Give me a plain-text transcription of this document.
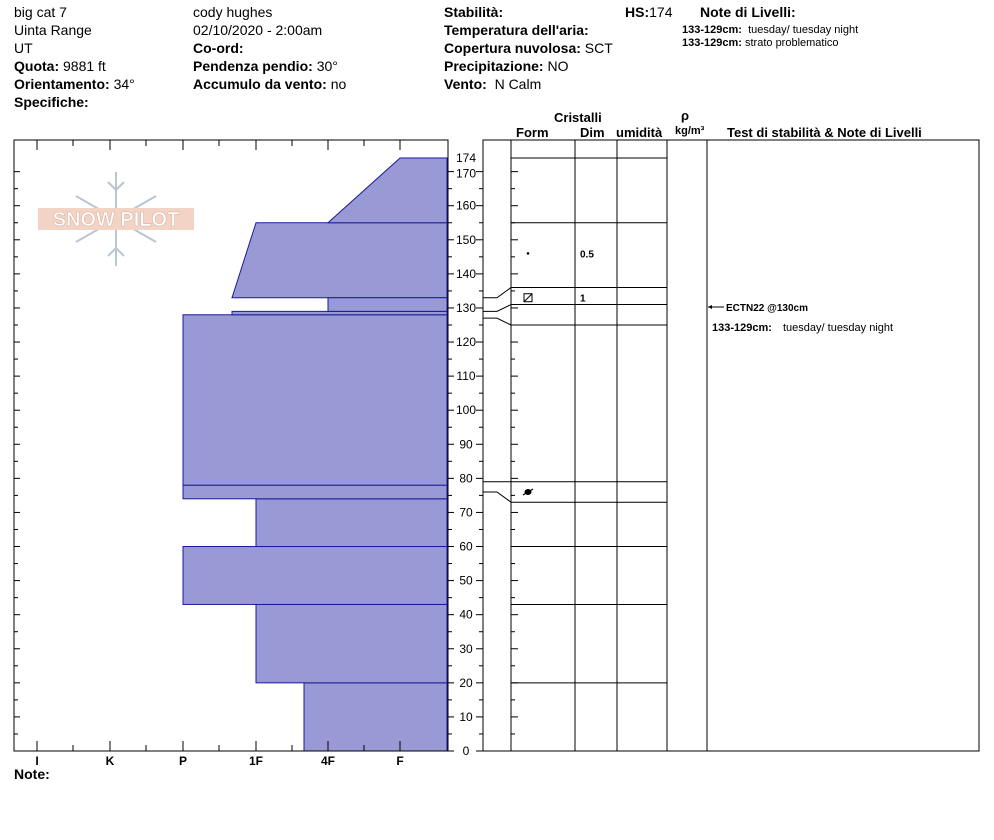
big cat 7
Uinta Range
UT
Quota: 9881 ft
Orientamento: 34°
Specifiche:
cody hughes
02/10/2020 - 2:00am
Co-ord:
Pendenza pendio: 30°
Accumulo da vento: no
Stabilità:
Temperatura dell'aria:
Copertura nuvolosa: SCT
Precipitazione: NO
Vento: N Calm
HS:174 Note di Livelli:
133-129cm: tuesday/ tuesday night
133-129cm: strato problematico
Cristalli
Form Dim umidità
ρ
kg/m³ Test di stabilità & Note di Livelli
SNOW PILOT
0
10
20
30
40
50
60
70
80
90
100
110
120
130
140
150
160
170
174
I	K	P	1F	4F	F
0.5
1
ECTN22 @130cm
133-129cm: tuesday/ tuesday night
Note:
